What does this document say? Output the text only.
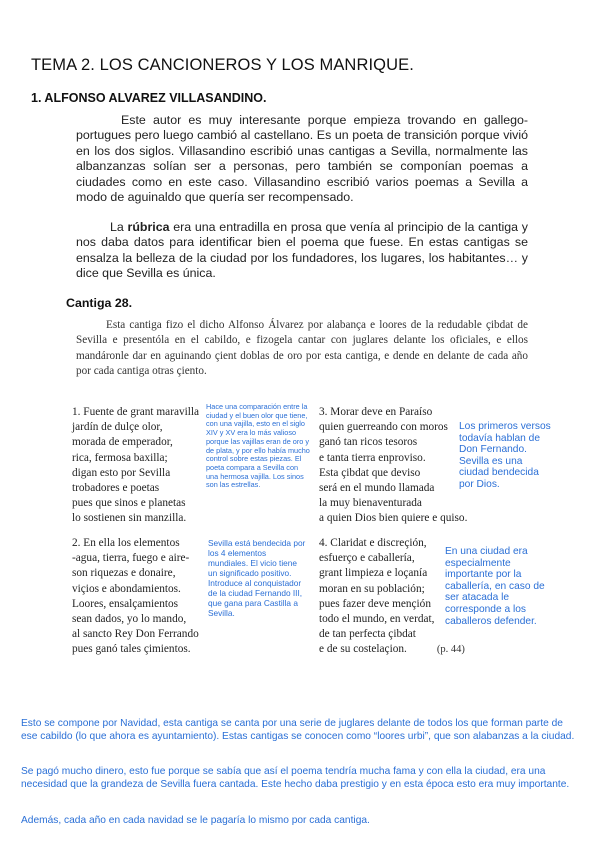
TEMA 2. LOS CANCIONEROS Y LOS MANRIQUE.
1. ALFONSO ALVAREZ VILLASANDINO.
Este autor es muy interesante porque empieza trovando en gallego-portugues pero luego cambió al castellano. Es un poeta de transición porque vivió en los dos siglos. Villasandino escribió unas cantigas a Sevilla, normalmente las albanzanzas solían ser a personas, pero también se componían poemas a ciudades como en este caso. Villasandino escribió varios poemas a Sevilla a modo de aguinaldo que quería ser recompensado.
La rúbrica era una entradilla en prosa que venía al principio de la cantiga y nos daba datos para identificar bien el poema que fuese. En estas cantigas se ensalza la belleza de la ciudad por los fundadores, los lugares, los habitantes… y dice que Sevilla es única.
Cantiga 28.
Esta cantiga fizo el dicho Alfonso Álvarez por alabança e loores de la redudable çibdat de Sevilla e presentóla en el cabildo, e fizogela cantar con juglares delante los oficiales, e ellos mandáronle dar en aguinando çient doblas de oro por esta cantiga, e dende en delante de cada año por cada cantiga otras çiento.
1. Fuente de grant maravilla
jardín de dulçe olor,
morada de emperador,
rica, fermosa baxilla;
digan esto por Sevilla
trobadores e poetas
pues que sinos e planetas
lo sostienen sin manzilla.
2. En ella los elementos
-agua, tierra, fuego e aire-
son riquezas e donaire,
viçios e abondamientos.
Loores, ensalçamientos
sean dados, yo lo mando,
al sancto Rey Don Ferrando
pues ganó tales çimientos.
3. Morar deve en Paraíso
quien guerreando con moros
ganó tan ricos tesoros
e tanta tierra enproviso.
Esta çibdat que deviso
será en el mundo llamada
la muy bienaventurada
a quien Dios bien quiere e quiso.
4. Claridat e discreçión,
esfuerço e caballería,
grant limpieza e loçanía
moran en su población;
pues fazer deve mençión
todo el mundo, en verdat,
de tan perfecta çibdat
e de su costelaçion.	(p. 44)
Hace una comparación entre la ciudad y el buen olor que tiene, con una vajilla, esto en el siglo XIV y XV era lo más valioso porque las vajillas eran de oro y de plata, y por ello había mucho control sobre estas piezas. El poeta compara a Sevilla con una hermosa vajilla. Los sinos son las estrellas.
Sevilla está bendecida por los 4 elementos mundiales. El vicio tiene un significado positivo. Introduce al conquistador de la ciudad Fernando III, que gana para Castilla a Sevilla.
Los primeros versos todavía hablan de Don Fernando. Sevilla es una ciudad bendecida por Dios.
En una ciudad era especialmente importante por la caballería, en caso de ser atacada le corresponde a los caballeros defender.
Esto se compone por Navidad, esta cantiga se canta por una serie de juglares delante de todos los que forman parte de ese cabildo (lo que ahora es ayuntamiento). Estas cantigas se conocen como “loores urbi”, que son alabanzas a la ciudad.
Se pagó mucho dinero, esto fue porque se sabía que así el poema tendría mucha fama y con ella la ciudad, era una necesidad que la grandeza de Sevilla fuera cantada. Este hecho daba prestigio y en esta época esto era muy importante.
Además, cada año en cada navidad se le pagaría lo mismo por cada cantiga.
